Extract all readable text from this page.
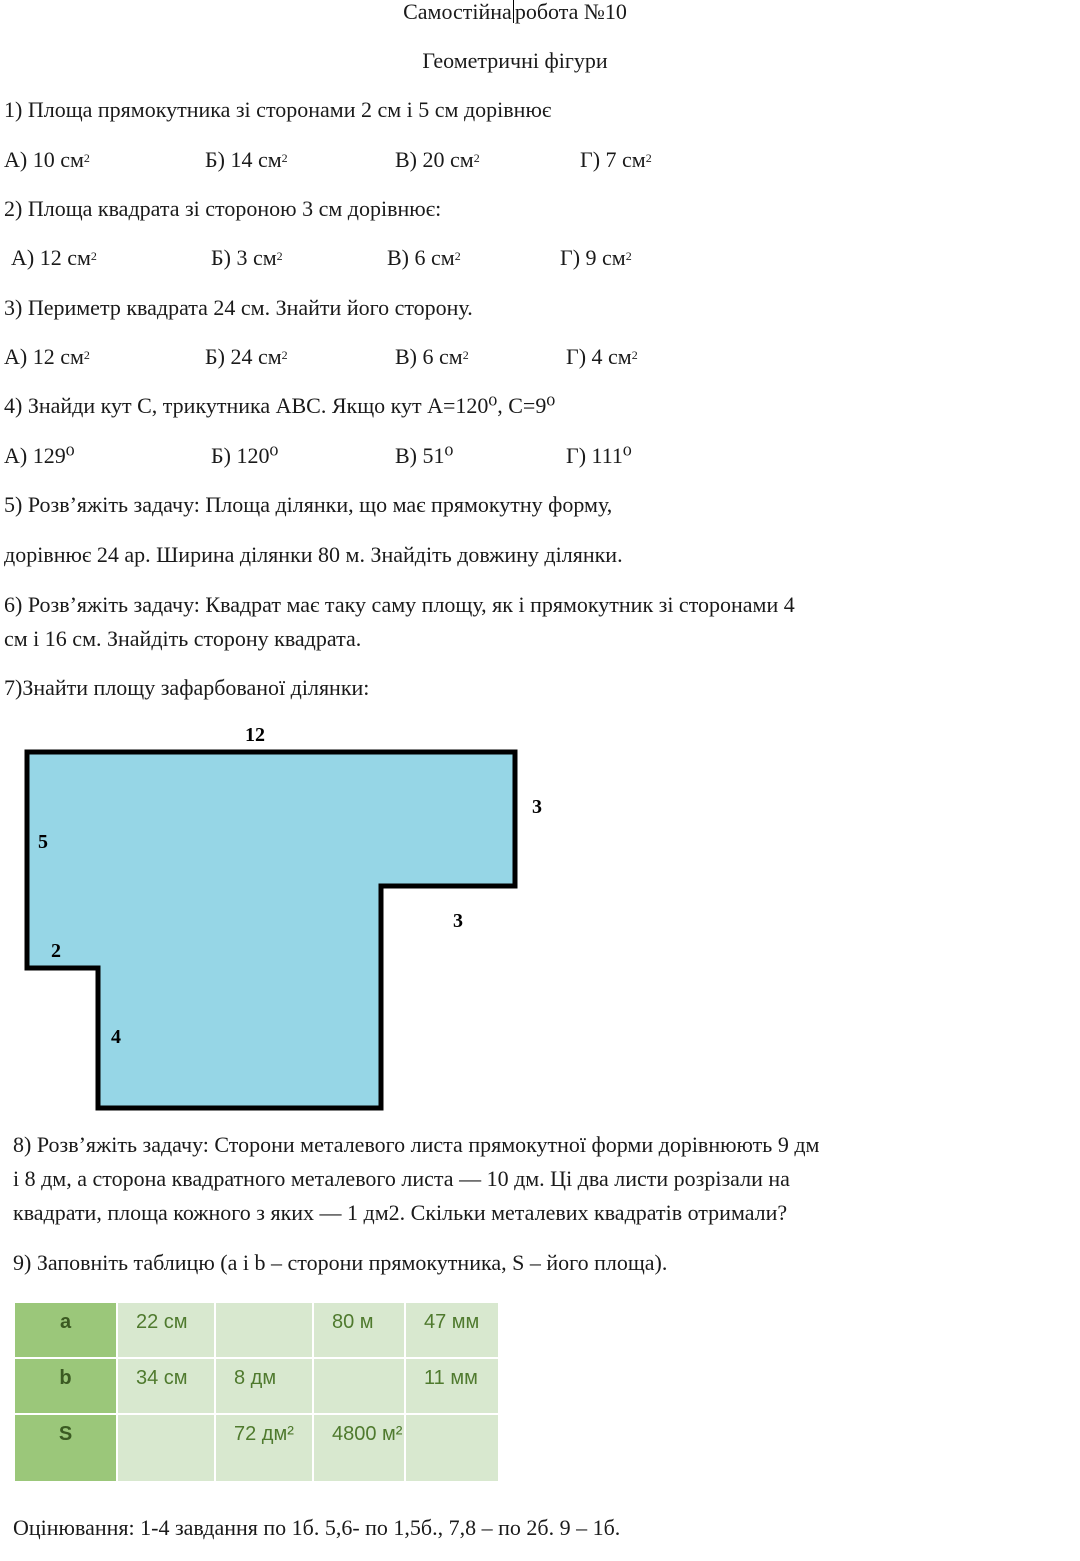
Самостійна робота №10
Геометричні фігури
1) Площа прямокутника зі сторонами 2 см і 5 см дорівнює
А) 10 $см^2$	Б) 14 $см^2$	В) 20 $см^2$	Г) 7 $см^2$
2) Площа квадрата зі стороною 3 см дорівнює:
А) 12 $см^2$	Б) 3 $см^2$	В) 6 $см^2$	Г) 9 $см^2$
3) Периметр квадрата 24 см. Знайти його сторону.
А) 12 $см^2$	Б) 24 $см^2$	В) 6 $см^2$	Г) 4 $см^2$
4) Знайди кут С, трикутника АВС. Якщо кут А=120⁰, С=9⁰
А) 129⁰	Б) 120⁰	В) 51⁰	Г) 111⁰
5) Розв’яжіть задачу: Площа ділянки, що має прямокутну форму,
дорівнює 24 ар. Ширина ділянки 80 м. Знайдіть довжину ділянки.
6) Розв’яжіть задачу: Квадрат має таку саму площу, як і прямокутник зі сторонами 4
см і 16 см. Знайдіть сторону квадрата.
7)Знайти площу зафарбованої ділянки:
12
3
5
3
2
4
8) Розв’яжіть задачу: Сторони металевого листа прямокутної форми дорівнюють 9 дм
і 8 дм, а сторона квадратного металевого листа — 10 дм. Ці два листи розрізали на
квадрати, площа кожного з яких — 1 дм2. Скільки металевих квадратів отримали?
9) Заповніть таблицю (a і b – сторони прямокутника, S – його площа).
a	22 см		80 м	47 мм
b	34 см	8 дм		11 мм
S		72 дм²	4800 м²	
Оцінювання: 1-4 завдання по 1б. 5,6- по 1,5б., 7,8 – по 2б. 9 – 1б.
